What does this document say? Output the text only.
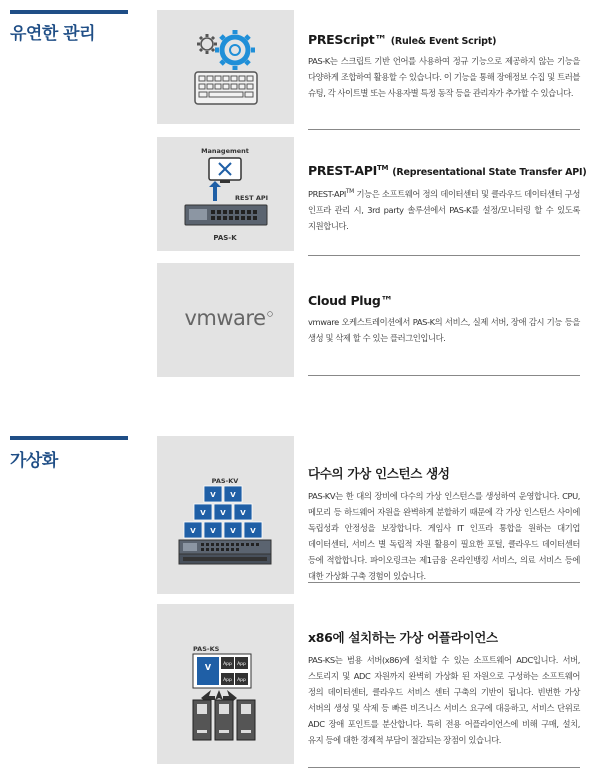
유연한 관리	PREScript™ (Rule& Event Script)

PAS-K는 스크립트 기반 언어를 사용하여 정규 기능으로 제공하지 않는 기능을 다양하게 조합하여 활용할 수 있습니다. 이 기능을 통해 장애정보 수집 및 트러블 슈팅, 각 사이트별 또는 사용자별 특정 동작 등을 관리자가 추가할 수 있습니다.

Management
REST API
PAS-K
PREST-API™ (Representational State Transfer API)

PREST-API™ 기능은 소프트웨어 정의 데이터센터 및 클라우드 데이터센터 구성 인프라 관리 시, 3rd party 솔루션에서 PAS-K를 설정/모니터링 할 수 있도록 지원합니다.

vmware
Cloud Plug™

vmware 오케스트레이션에서 PAS-K의 서비스, 실제 서버, 장애 감시 기능 등을 생성 및 삭제 할 수 있는 플러그인입니다.

가상화
PAS-KV
V V
V V V
V V V V
다수의 가상 인스턴스 생성

PAS-KV는 한 대의 장비에 다수의 가상 인스턴스를 생성하여 운영합니다. CPU, 메모리 등 하드웨어 자원을 완벽하게 분할하기 때문에 각 가상 인스턴스 사이에 독립성과 안정성을 보장합니다. 게임사 IT 인프라 통합을 원하는 대기업 데이터센터, 서비스 별 독립적 자원 활용이 필요한 포털, 클라우드 데이터센터 등에 적합합니다. 파이오링크는 제1금융 온라인뱅킹 서비스, 의료 서비스 등에 대한 가상화 구축 경험이 있습니다.

PAS-KS
V	App App
App App
x86에 설치하는 가상 어플라이언스

PAS-KS는 범용 서버(x86)에 설치할 수 있는 소프트웨어 ADC입니다. 서버, 스토리지 및 ADC 자원까지 완벽히 가상화 된 자원으로 구성하는 소프트웨어 정의 데이터센터, 클라우드 서비스 센터 구축의 기반이 됩니다. 빈번한 가상 서버의 생성 및 삭제 등 빠른 비즈니스 서비스 요구에 대응하고, 서비스 단위로 ADC 장애 포인트를 분산합니다. 특히 전용 어플라이언스에 비해 구매, 설치, 유지 등에 대한 경제적 부담이 절감되는 장점이 있습니다.
